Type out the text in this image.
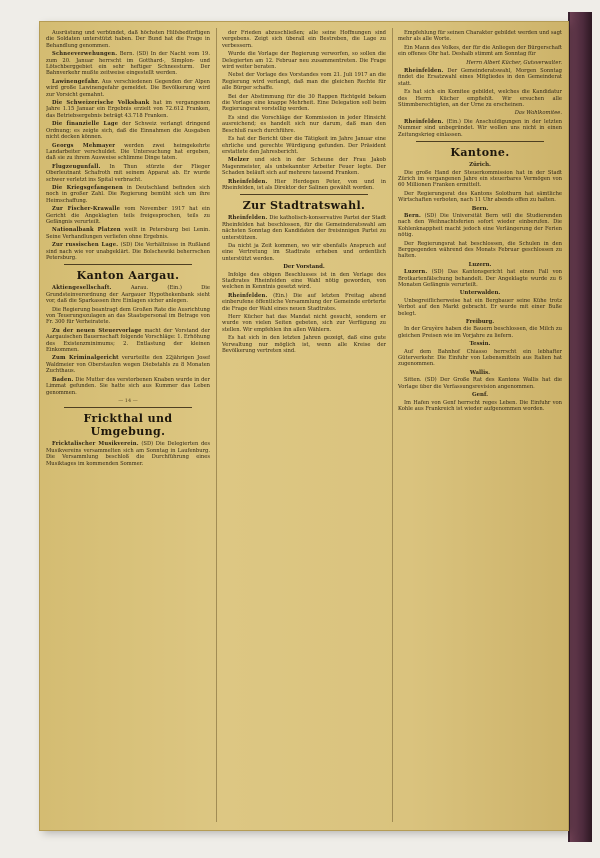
Ausrüstung und verbündet, daß höchsten Hilfsbedürftigen die Soldaten unterstützt haben. Der Bund hat die Frage in Behandlung genommen.

Schneeverwehungen. Bern. (SD) In der Nacht vom 19. zum 20. Januar herrscht im Gotthard-, Simplon- und Lötschberggebiet ein sehr heftiger Schneesturm. Der Bahnverkehr mußte zeitweise eingestellt werden.

Lawinengefahr. Aus verschiedenen Gegenden der Alpen wird große Lawinengefahr gemeldet. Die Bevölkerung wird zur Vorsicht gemahnt.

Die Schweizerische Volksbank hat im vergangenen Jahre 1.15 Januar ein Ergebnis erzielt von 72.612 Franken, das Betriebsergebnis beträgt 43.718 Franken.

Die finanzielle Lage der Schweiz verlangt dringend Ordnung; es zeigte sich, daß die Einnahmen die Ausgaben nicht decken können.

Georgs Mehmayer werden zwei heimgekehrte Landarbeiter verschuldet. Die Untersuchung hat ergeben, daß sie zu ihrem Ausweise schlimme Dinge taten.

Flugzeugunfall. In Thun stürzte der Flieger Oberleutnant Schafroth mit seinem Apparat ab. Er wurde schwer verletzt ins Spital verbracht.

Die Kriegsgefangenen in Deutschland befinden sich noch in großer Zahl. Die Regierung bemüht sich um ihre Heimschaffung.

Zur Fischer-Krawalle vom November 1917 hat ein Gericht die Angeklagten teils freigesprochen, teils zu Gefängnis verurteilt.

Nationalbank Platzen weilt in Petersburg bei Lenin. Seine Verhandlungen verliefen ohne Ergebnis.

Zur russischen Lage. (SD) Die Verhältnisse in Rußland sind nach wie vor unabgeklärt. Die Bolschewiki beherrschen Petersburg.

Kanton Aargau.

Aktiengesellschaft.	Aarau. (Ein.) Die Grundsteinverordnung der Aargauer Hypothekenbank sieht vor, daß die Sparkassen ihre Einlagen sicher anlegen.

Die Regierung beantragt dem Großen Rate die Ausrichtung von Teuerungszulagen an das Staatspersonal im Betrage von Fr. 300 für Verheiratete.

Zu der neuen Steuervorlage macht der Vorstand der Aargauischen Bauernschaft folgende Vorschläge: 1. Erhöhung des Existenzminimums; 2. Entlastung der kleinen Einkommen.

Zum Kriminalgericht verurteilte den 22jährigen Josef Waldmeier von Oberstaufen wegen Diebstahls zu 8 Monaten Zuchthaus.

Baden. Die Mutter des verstorbenen Knaben wurde in der Limmat gefunden. Sie hatte sich aus Kummer das Leben genommen.

— 14 —
Frickthal und Umgebung.

Fricktalischer Musikverein. (SD) Die Delegierten des Musikvereins versammelten sich am Sonntag in Laufenburg. Die Versammlung beschloß die Durchführung eines Musiktages im kommenden Sommer.

der Frieden abzuschließen; alle seine Hoffnungen sind vergebens. Zeigt sich überall ein Bestreben, die Lage zu verbessern.

Wurde die Vorlage der Regierung verworfen, so sollen die Delegierten am 12. Februar neu zusammentreten. Die Frage wird weiter beraten.

Nebst der Vorlage des Vorstandes vom 21. Juli 1917 an die Regierung wird verlangt, daß man die gleichen Rechte für alle Bürger schaffe.

Bei der Abstimmung für die 30 Rappen Richtgeld bekam die Vorlage eine knappe Mehrheit. Eine Delegation soll beim Regierungsrat vorstellig werden.

Es sind die Vorschläge der Kommission in jeder Hinsicht ausreichend; es handelt sich nur darum, daß man den Beschluß rasch durchführe.

Es hat der Bericht über die Tätigkeit im Jahre Januar eine ehrliche und gerechte Würdigung gefunden. Der Präsident erstattete den Jahresbericht.

Melzer und sich in der Scheune der Frau Jakob Magenmeister, als unbekannter Arbeiter Feuer legte. Der Schaden beläuft sich auf mehrere tausend Franken.

Rheinfelden. Hier Herdegen Peter, von und in Rheinfelden, ist als Direktor der Salinen gewählt worden.

Zur Stadtratswahl.

Rheinfelden. Die katholisch-konservative Partei der Stadt Rheinfelden hat beschlossen, für die Gemeinderatswahl am nächsten Sonntag den Kandidaten der freisinnigen Partei zu unterstützen.

Da nicht ja Zeit kommen, wo wir ebenfalls Anspruch auf eine Vertretung im Stadtrate erheben und ordentlich unterstützt werden.

Der Vorstand.

Infolge des obigen Beschlusses ist in den Verlage des Stadtrates Rheinfelden eine Wahl nötig geworden, von welchen in Kenntnis gesetzt wird.

Rheinfelden. (Ein.) Die auf letzten Freitag abend einberufene öffentliche Versammlung der Gemeinde erörterte die Frage der Wahl eines neuen Stadtrates.

Herr Kücher hat das Mandat nicht gesucht, sondern er wurde von vielen Seiten gebeten, sich zur Verfügung zu stellen. Wir empfehlen ihn allen Wählern.

Es hat sich in den letzten Jahren gezeigt, daß eine gute Verwaltung nur möglich ist, wenn alle Kreise der Bevölkerung vertreten sind.

Empfehlung für seinen Charakter gebildet werden und sagt mehr als alle Worte.

Ein Mann des Volkes, der für die Anliegen der Bürgerschaft ein offenes Ohr hat. Deshalb stimmt am Sonntag für

Herrn Albert Kücher, Gutsverwalter.

Rheinfelden. Der Gemeinderatswahl, Morgen Sonntag findet die Ersatzwahl eines Mitgliedes in den Gemeinderat statt.

Es hat sich ein Komitee gebildet, welches die Kandidatur des Herrn Kücher empfiehlt. Wir ersuchen alle Stimmberechtigten, an der Urne zu erscheinen.

Das Wahlkomitee.

Rheinfelden. (Ein.) Die Anschuldigungen in der letzten Nummer sind unbegründet. Wir wollen uns nicht in einen Zeitungskrieg einlassen.

Kantone.
Zürich.

Die große Hand der Steuerkommission hat in der Stadt Zürich im vergangenen Jahre ein steuerbares Vermögen von 60 Millionen Franken ermittelt.

Der Regierungsrat des Kantons Solothurn hat sämtliche Wirtschaften verboten, nach 11 Uhr abends offen zu halten.

Bern.

Bern. (SD) Die Universität Bern will die Studierenden nach den Weihnachtsferien sofort wieder einberufen. Die Kohlenknappheit macht jedoch eine Verlängerung der Ferien nötig.

Der Regierungsrat hat beschlossen, die Schulen in den Berggegenden während des Monats Februar geschlossen zu halten.

Luzern.

Luzern. (SD) Das Kantonsgericht hat einen Fall von Brotkartenfälschung behandelt. Der Angeklagte wurde zu 6 Monaten Gefängnis verurteilt.

Unterwalden.

Unbegreiflicherweise hat ein Bergbauer seine Kühe trotz Verbot auf den Markt gebracht. Er wurde mit einer Buße belegt.

Freiburg.

In der Gruyère haben die Bauern beschlossen, die Milch zu gleichen Preisen wie im Vorjahre zu liefern.

Tessin.

Auf dem Bahnhof Chiasso herrscht ein lebhafter Güterverkehr. Die Einfuhr von Lebensmitteln aus Italien hat zugenommen.

Wallis.

Sitten. (SD) Der Große Rat des Kantons Wallis hat die Vorlage über die Verfassungsrevision angenommen.

Genf.

Im Hafen von Genf herrscht reges Leben. Die Einfuhr von Kohle aus Frankreich ist wieder aufgenommen worden.
